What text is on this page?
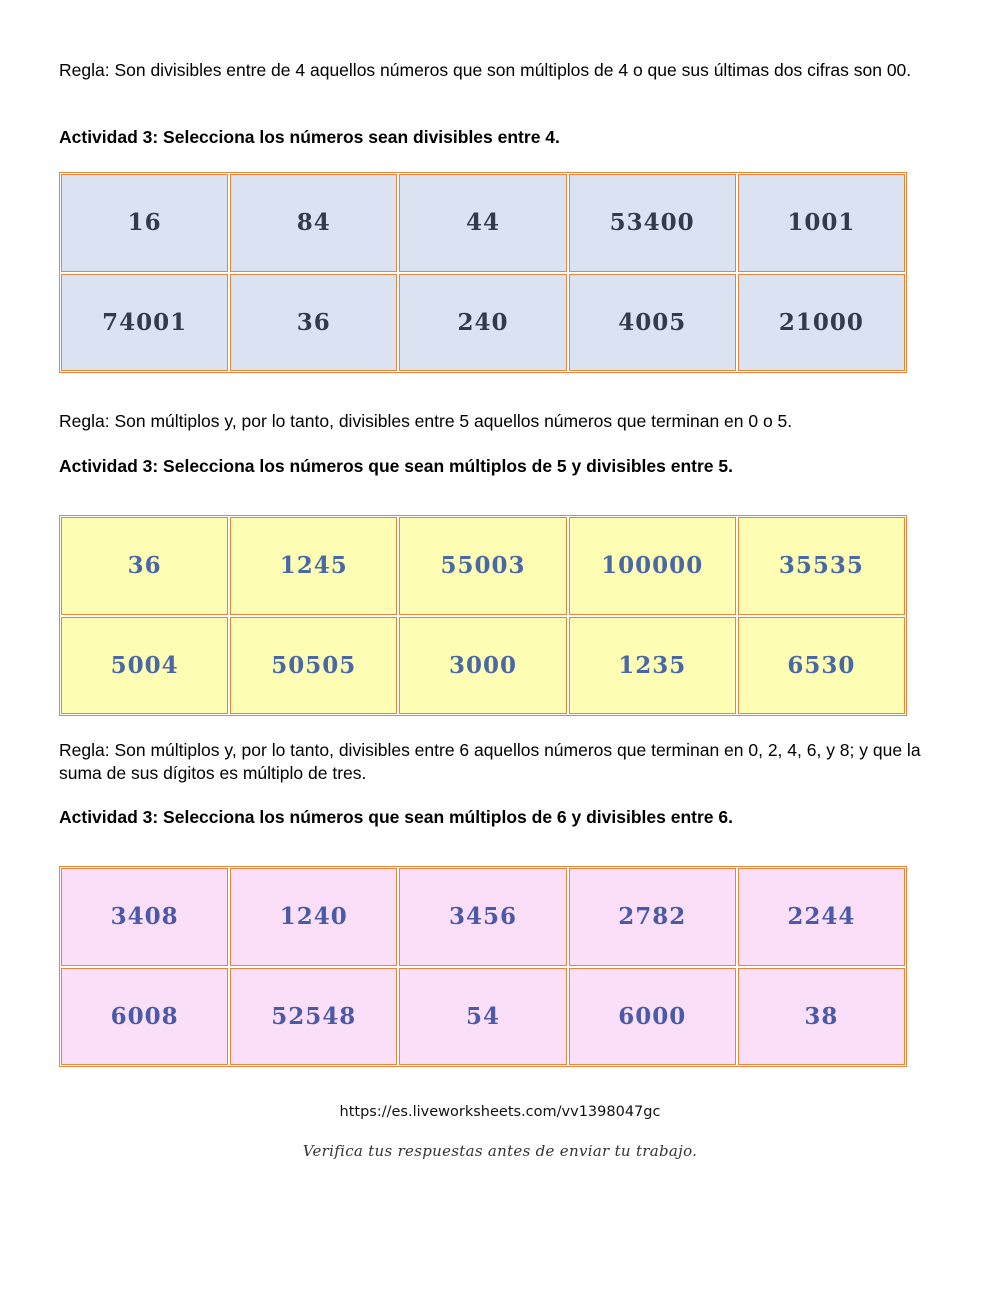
Regla: Son divisibles entre de 4 aquellos números que son múltiplos de 4 o que sus últimas dos cifras son 00.

Actividad 3: Selecciona los números sean divisibles entre 4.

16	84	44	53400	1001
74001	36	240	4005	21000

Regla: Son múltiplos y, por lo tanto, divisibles entre 5 aquellos números que terminan en 0 o 5.

Actividad 3: Selecciona los números que sean múltiplos de 5 y divisibles entre 5.

36	1245	55003	100000	35535
5004	50505	3000	1235	6530

Regla: Son múltiplos y, por lo tanto, divisibles entre 6 aquellos números que terminan en 0, 2, 4, 6, y 8; y que la suma de sus dígitos es múltiplo de tres.

Actividad 3: Selecciona los números que sean múltiplos de 6 y divisibles entre 6.

3408	1240	3456	2782	2244
6008	52548	54	6000	38
https://es.liveworksheets.com/vv1398047gc
Verifica tus respuestas antes de enviar tu trabajo.
